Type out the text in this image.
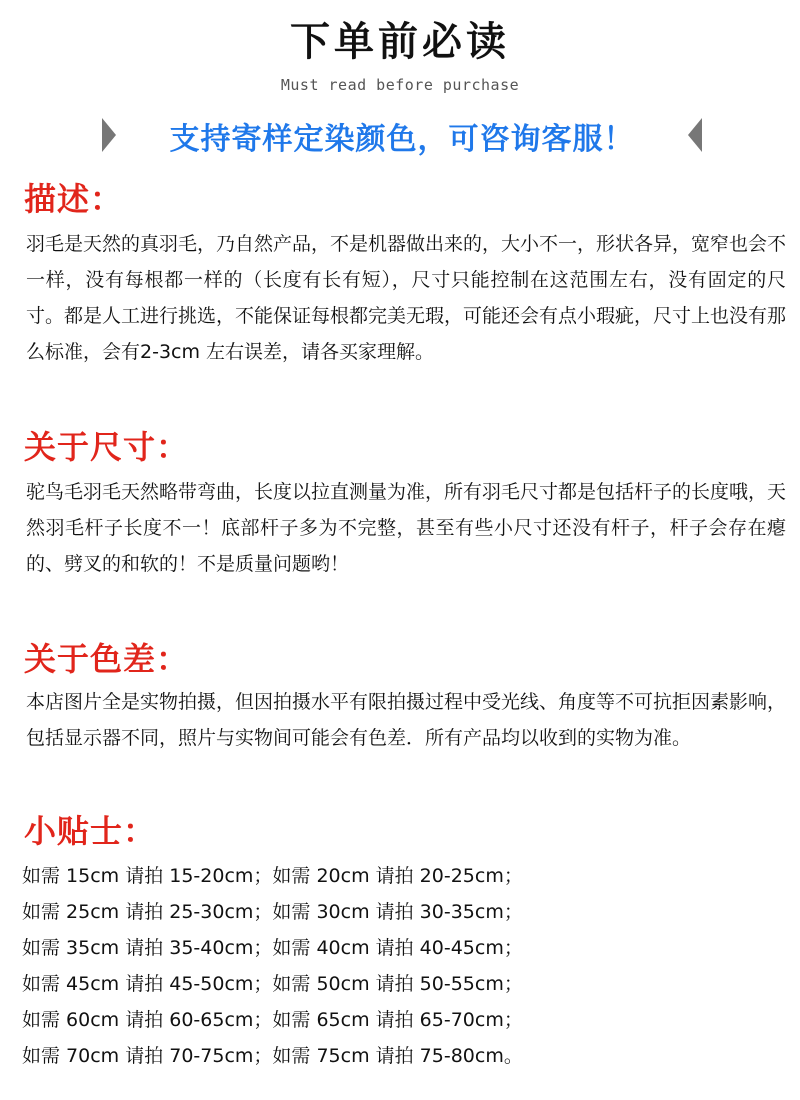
下单前必读
Must read before purchase
支持寄样定染颜色，可咨询客服！
描述：
羽毛是天然的真羽毛，乃自然产品，不是机器做出来的，大小不一，形状各异，宽窄也会不一样，没有每根都一样的（长度有长有短），尺寸只能控制在这范围左右，没有固定的尺寸。都是人工进行挑选，不能保证每根都完美无瑕，可能还会有点小瑕疵，尺寸上也没有那么标准，会有2-3cm 左右误差，请各买家理解。
关于尺寸：
驼鸟毛羽毛天然略带弯曲，长度以拉直测量为准，所有羽毛尺寸都是包括杆子的长度哦，天然羽毛杆子长度不一！底部杆子多为不完整，甚至有些小尺寸还没有杆子，杆子会存在瘪的、劈叉的和软的！不是质量问题哟！
关于色差：
本店图片全是实物拍摄，但因拍摄水平有限拍摄过程中受光线、角度等不可抗拒因素影响，包括显示器不同，照片与实物间可能会有色差．所有产品均以收到的实物为准。
小贴士：
如需 15cm 请拍 15-20cm；如需 20cm 请拍 20-25cm；
如需 25cm 请拍 25-30cm；如需 30cm 请拍 30-35cm；
如需 35cm 请拍 35-40cm；如需 40cm 请拍 40-45cm；
如需 45cm 请拍 45-50cm；如需 50cm 请拍 50-55cm；
如需 60cm 请拍 60-65cm；如需 65cm 请拍 65-70cm；
如需 70cm 请拍 70-75cm；如需 75cm 请拍 75-80cm。
